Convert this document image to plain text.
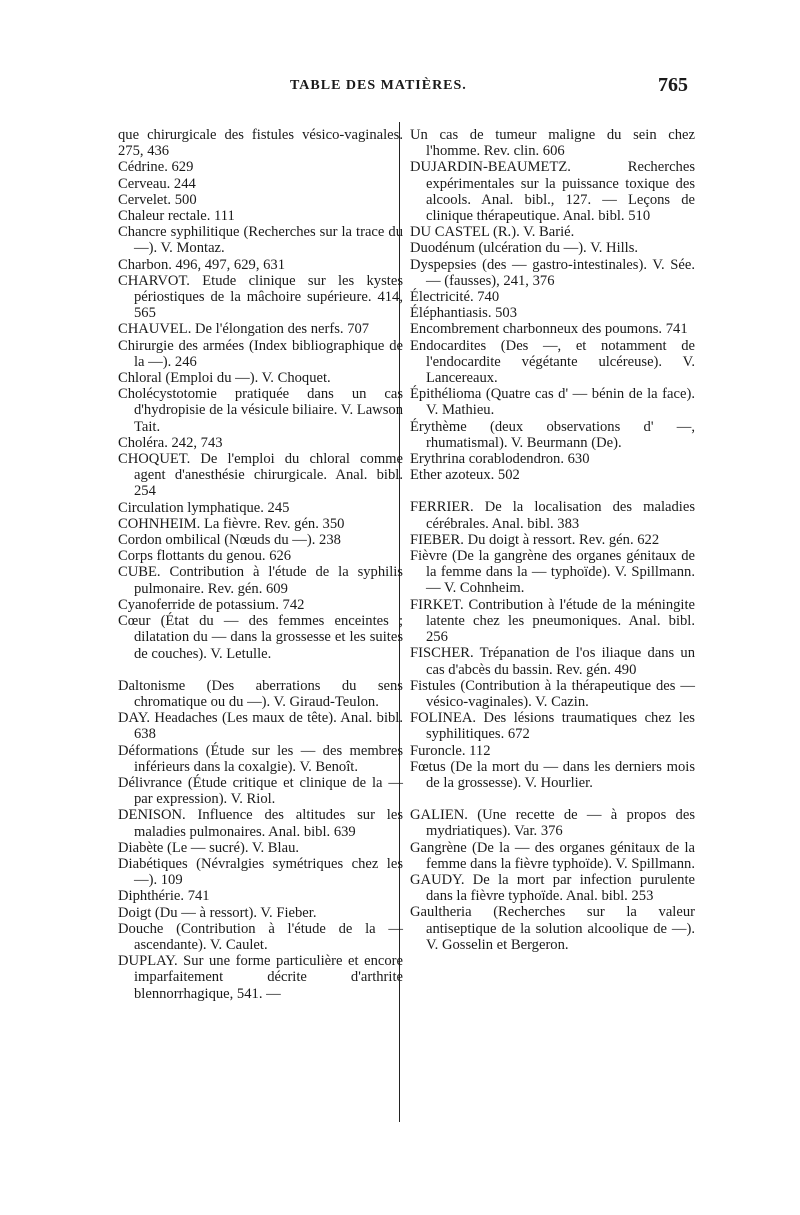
TABLE DES MATIÈRES.	765

que chirurgicale des fistules vésico-vaginales. 275, 436

Cédrine. 629

Cerveau. 244

Cervelet. 500

Chaleur rectale. 111

Chancre syphilitique (Recherches sur la trace du —). V. Montaz.

Charbon. 496, 497, 629, 631

CHARVOT. Etude clinique sur les kystes périostiques de la mâchoire supérieure. 414, 565

CHAUVEL. De l'élongation des nerfs. 707

Chirurgie des armées (Index bibliographique de la —). 246

Chloral (Emploi du —). V. Choquet.

Cholécystotomie pratiquée dans un cas d'hydropisie de la vésicule biliaire. V. Lawson Tait.

Choléra. 242, 743

CHOQUET. De l'emploi du chloral comme agent d'anesthésie chirurgicale. Anal. bibl. 254

Circulation lymphatique. 245

COHNHEIM. La fièvre. Rev. gén. 350

Cordon ombilical (Nœuds du —). 238

Corps flottants du genou. 626

CUBE. Contribution à l'étude de la syphilis pulmonaire. Rev. gén. 609

Cyanoferride de potassium. 742

Cœur (État du — des femmes enceintes ; dilatation du — dans la grossesse et les suites de couches). V. Letulle.

Daltonisme (Des aberrations du sens chromatique ou du —). V. Giraud-Teulon.

DAY. Headaches (Les maux de tête). Anal. bibl. 638

Déformations (Étude sur les — des membres inférieurs dans la coxalgie). V. Benoît.

Délivrance (Étude critique et clinique de la — par expression). V. Riol.

DENISON. Influence des altitudes sur les maladies pulmonaires. Anal. bibl. 639

Diabète (Le — sucré). V. Blau.

Diabétiques (Névralgies symétriques chez les —). 109

Diphthérie. 741

Doigt (Du — à ressort). V. Fieber.

Douche (Contribution à l'étude de la — ascendante). V. Caulet.

DUPLAY. Sur une forme particulière et encore imparfaitement décrite d'arthrite blennorrhagique, 541. —

Un cas de tumeur maligne du sein chez l'homme. Rev. clin. 606

DUJARDIN-BEAUMETZ. Recherches expérimentales sur la puissance toxique des alcools. Anal. bibl., 127. — Leçons de clinique thérapeutique. Anal. bibl. 510

DU CASTEL (R.). V. Barié.

Duodénum (ulcération du —). V. Hills.

Dyspepsies (des — gastro-intestinales). V. Sée. — (fausses), 241, 376

Électricité. 740

Éléphantiasis. 503

Encombrement charbonneux des poumons. 741

Endocardites (Des —, et notamment de l'endocardite végétante ulcéreuse). V. Lancereaux.

Épithélioma (Quatre cas d' — bénin de la face). V. Mathieu.

Érythème (deux observations d' —, rhumatismal). V. Beurmann (De).

Erythrina corablodendron. 630

Ether azoteux. 502

FERRIER. De la localisation des maladies cérébrales. Anal. bibl. 383

FIEBER. Du doigt à ressort. Rev. gén. 622

Fièvre (De la gangrène des organes génitaux de la femme dans la — typhoïde). V. Spillmann. — V. Cohnheim.

FIRKET. Contribution à l'étude de la méningite latente chez les pneumoniques. Anal. bibl. 256

FISCHER. Trépanation de l'os iliaque dans un cas d'abcès du bassin. Rev. gén. 490

Fistules (Contribution à la thérapeutique des — vésico-vaginales). V. Cazin.

FOLINEA. Des lésions traumatiques chez les syphilitiques. 672

Furoncle. 112

Fœtus (De la mort du — dans les derniers mois de la grossesse). V. Hourlier.

GALIEN. (Une recette de — à propos des mydriatiques). Var. 376

Gangrène (De la — des organes génitaux de la femme dans la fièvre typhoïde). V. Spillmann.

GAUDY. De la mort par infection purulente dans la fièvre typhoïde. Anal. bibl. 253

Gaultheria (Recherches sur la valeur antiseptique de la solution alcoolique de —). V. Gosselin et Bergeron.
